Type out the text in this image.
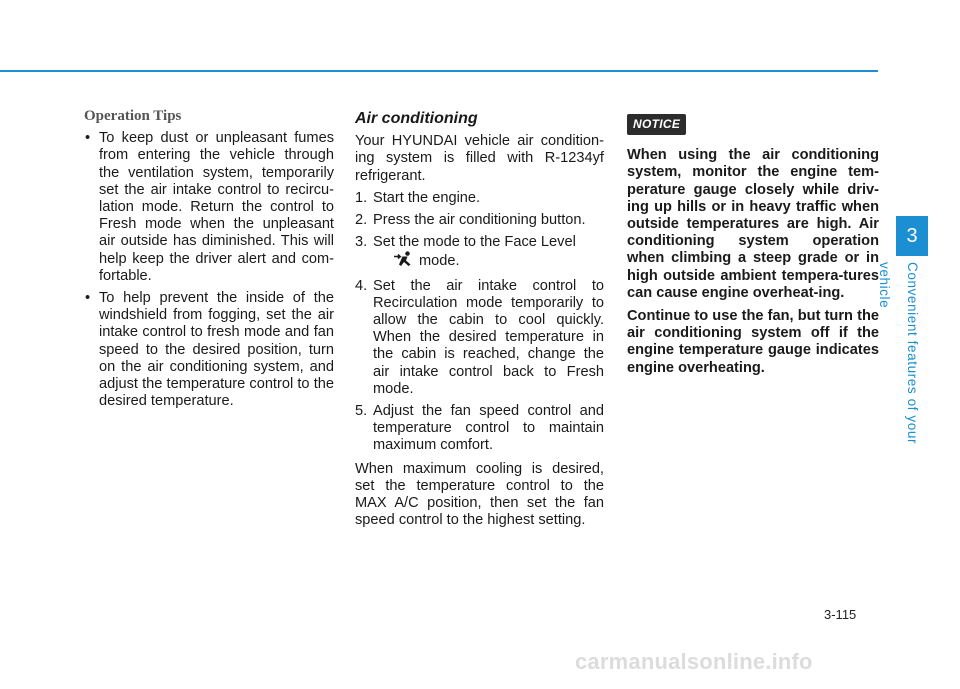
Operation Tips
• To keep dust or unpleasant fumes from entering the vehicle through the ventilation system, temporarily set the air intake control to recircu-lation mode. Return the control to Fresh mode when the unpleasant air outside has diminished. This will help keep the driver alert and com-fortable.
• To help prevent the inside of the windshield from fogging, set the air intake control to fresh mode and fan speed to the desired position, turn on the air conditioning system, and adjust the temperature control to the desired temperature.
Air conditioning

Your HYUNDAI vehicle air condition-ing system is filled with R-1234yf refrigerant.

1. Start the engine.
2. Press the air conditioning button.
3. Set the mode to the Face Level
mode.
4. Set the air intake control to Recirculation mode temporarily to allow the cabin to cool quickly. When the desired temperature in the cabin is reached, change the air intake control back to Fresh mode.
5. Adjust the fan speed control and temperature control to maintain maximum comfort.

When maximum cooling is desired, set the temperature control to the MAX A/C position, then set the fan speed control to the highest setting.

NOTICE

When using the air conditioning system, monitor the engine tem-perature gauge closely while driv-ing up hills or in heavy traffic when outside temperatures are high. Air conditioning system operation when climbing a steep grade or in high outside ambient tempera-tures can cause engine overheat-ing.

Continue to use the fan, but turn the air conditioning system off if the engine temperature gauge indicates engine overheating.

3
Convenient features of your vehicle
3-115
carmanualsonline.info
